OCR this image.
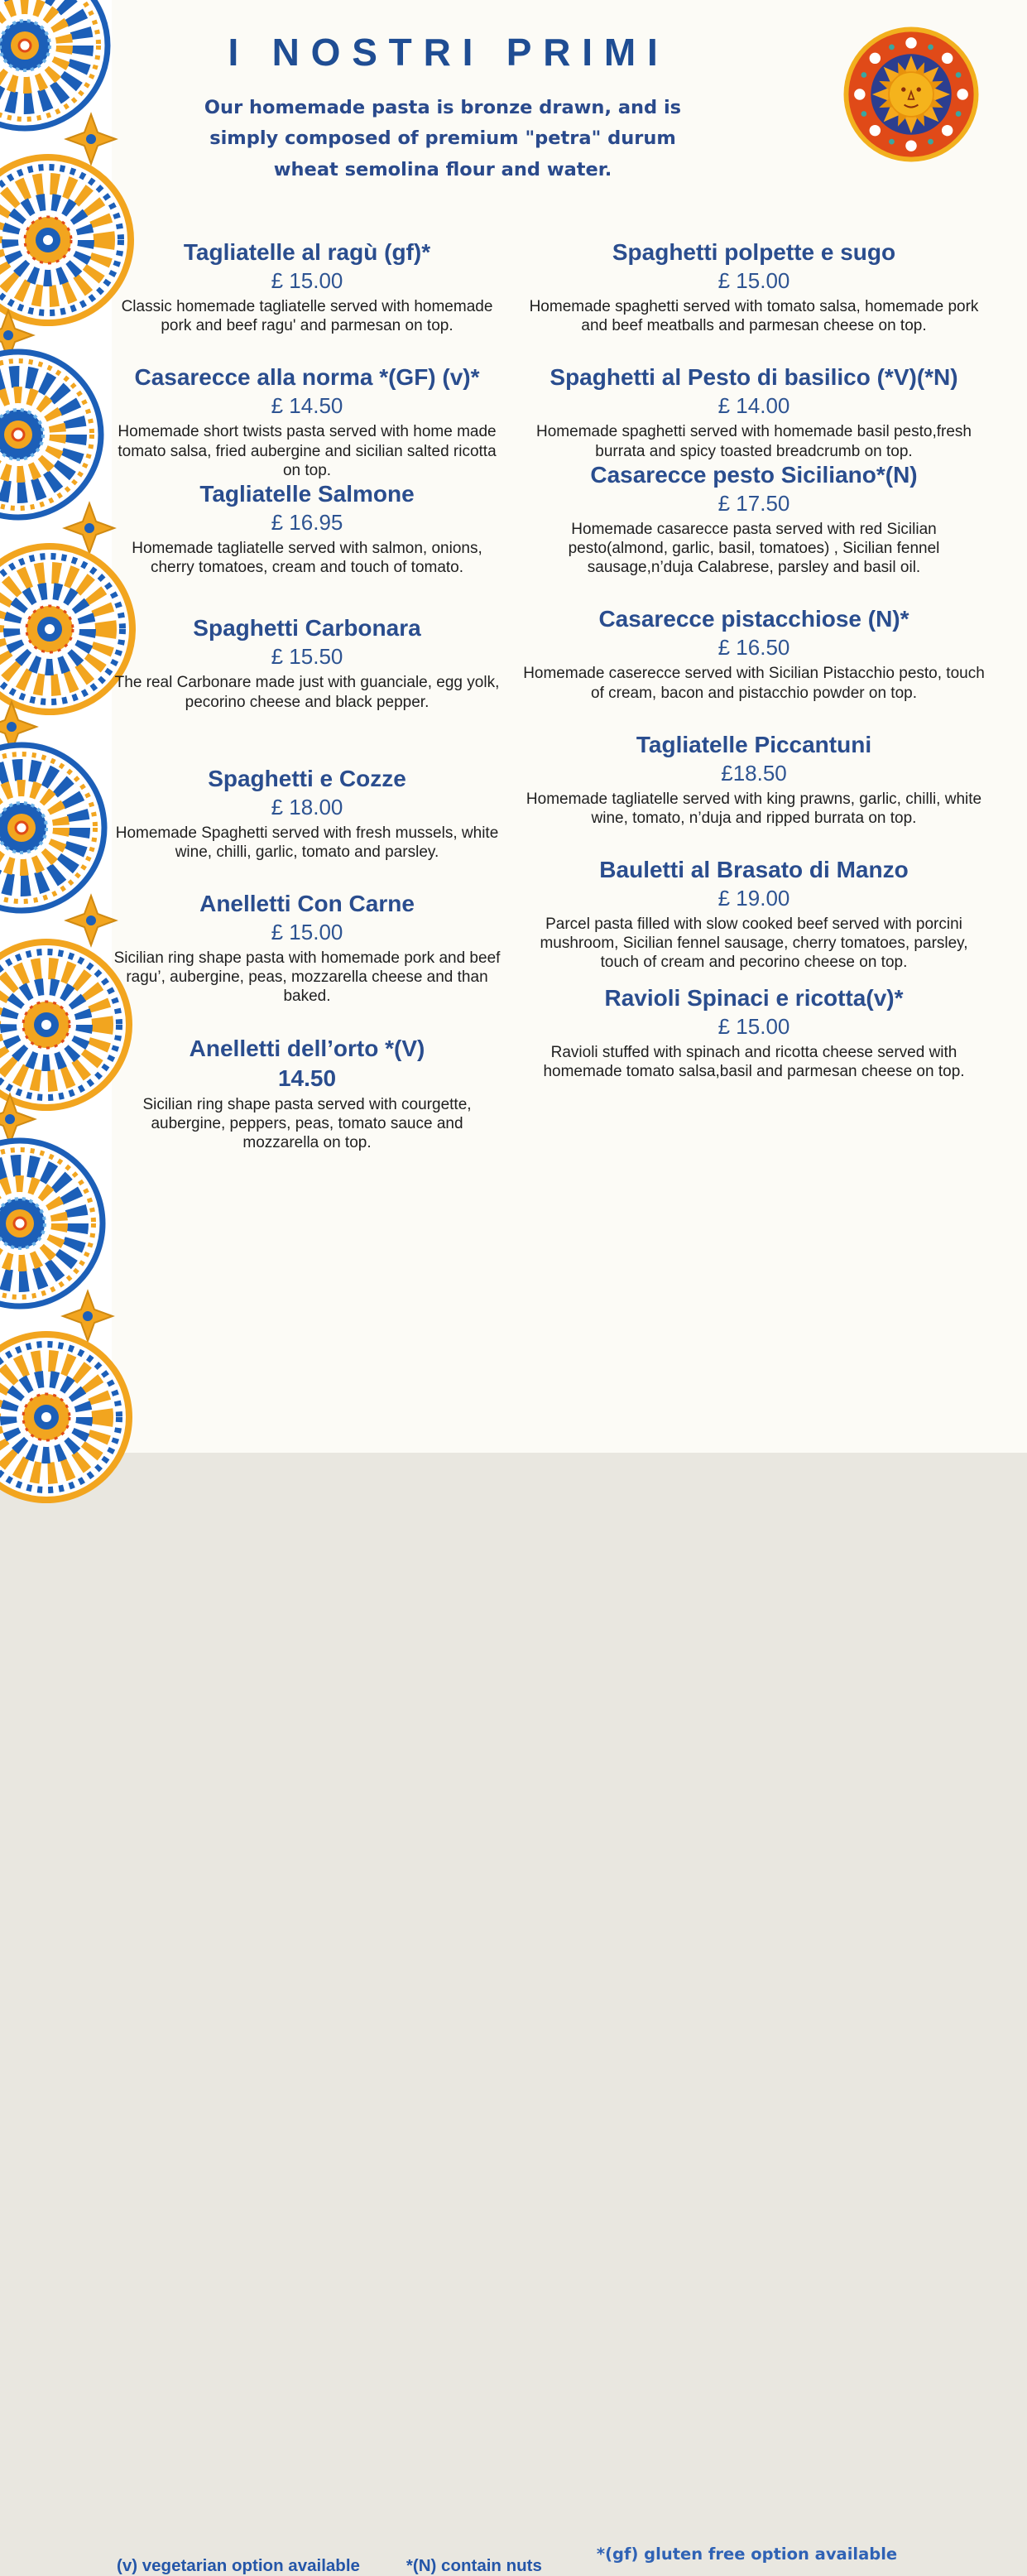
I NOSTRI PRIMI

Our homemade pasta is bronze drawn, and is simply composed of premium "petra" durum wheat semolina flour and water.

Tagliatelle al ragù (gf)*
£ 15.00

Classic homemade tagliatelle served with homemade pork and beef ragu' and parmesan on top.

Casarecce alla norma *(GF) (v)*
£ 14.50

Homemade short twists pasta served with home made tomato salsa, fried aubergine and sicilian salted ricotta on top.

Tagliatelle Salmone
£ 16.95

Homemade tagliatelle served with salmon, onions, cherry tomatoes, cream and touch of tomato.

Spaghetti Carbonara
£ 15.50

The real Carbonare made just with guanciale, egg yolk, pecorino cheese and black pepper.

Spaghetti e Cozze
£ 18.00

Homemade Spaghetti served with fresh mussels, white wine, chilli, garlic, tomato and parsley.

Anelletti Con Carne
£ 15.00

Sicilian ring shape pasta with homemade pork and beef ragu’, aubergine, peas, mozzarella cheese and than baked.

Anelletti dell’orto *(V)
14.50

Sicilian ring shape pasta served with courgette, aubergine, peppers, peas, tomato sauce and mozzarella on top.

Spaghetti polpette e sugo
£ 15.00

Homemade spaghetti served with tomato salsa, homemade pork and beef meatballs and parmesan cheese on top.

Spaghetti al Pesto di basilico (*V)(*N)
£ 14.00

Homemade spaghetti served with homemade basil pesto,fresh burrata and spicy toasted breadcrumb on top.

Casarecce pesto Siciliano*(N)
£ 17.50

Homemade casarecce pasta served with red Sicilian pesto(almond, garlic, basil, tomatoes) , Sicilian fennel sausage,n’duja Calabrese, parsley and basil oil.

Casarecce pistacchiose (N)*
£ 16.50

Homemade caserecce served with Sicilian Pistacchio pesto, touch of cream, bacon and pistacchio powder on top.

Tagliatelle Piccantuni
£18.50

Homemade tagliatelle served with king prawns, garlic, chilli, white wine, tomato, n’duja and ripped burrata on top.

Bauletti al Brasato di Manzo
£ 19.00

Parcel pasta filled with slow cooked beef served with porcini mushroom, Sicilian fennel sausage, cherry tomatoes, parsley, touch of cream and pecorino cheese on top.

Ravioli Spinaci e ricotta(v)*
£ 15.00

Ravioli stuffed with spinach and ricotta cheese served with homemade tomato salsa,basil and parmesan cheese on top.

(v) vegetarian option available	*(N) contain nuts
*(gf) gluten free option available
